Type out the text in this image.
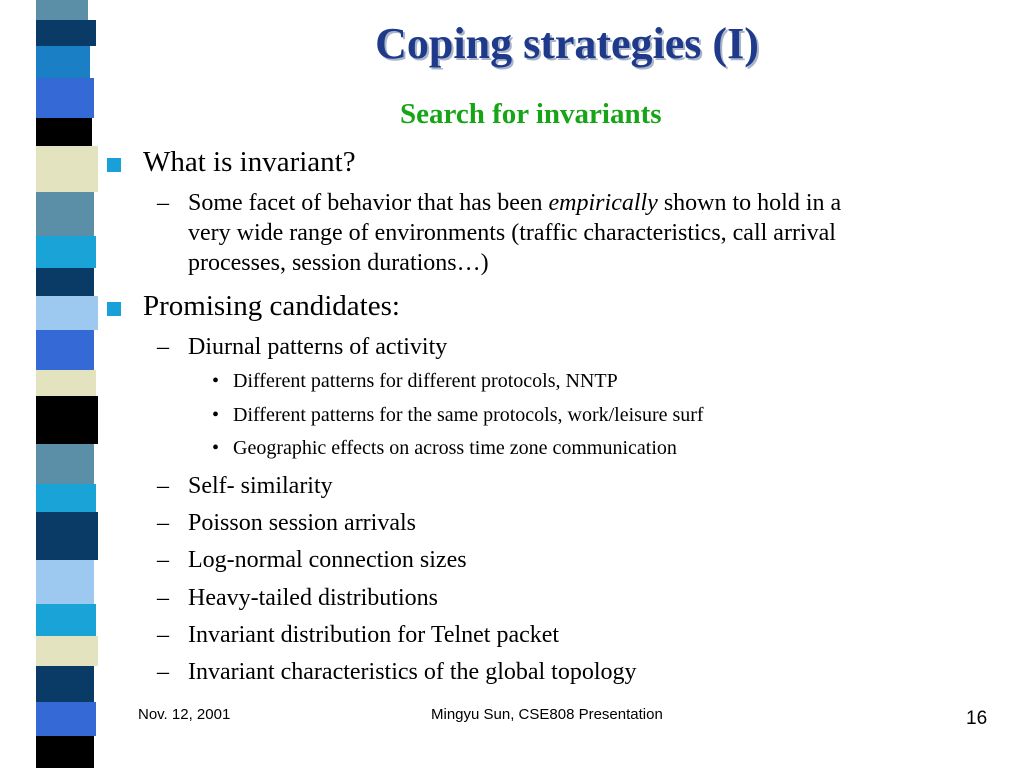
Coping strategies (I)
Search for invariants
What is invariant?
– Some facet of behavior that has been empirically shown to hold in a
very wide range of environments (traffic characteristics, call arrival
processes, session durations…)
Promising candidates:
– Diurnal patterns of activity
• Different patterns for different protocols, NNTP
• Different patterns for the same protocols, work/leisure surf
• Geographic effects on across time zone communication
– Self- similarity
– Poisson session arrivals
– Log-normal connection sizes
– Heavy-tailed distributions
– Invariant distribution for Telnet packet
– Invariant characteristics of the global topology
Nov. 12, 2001	Mingyu Sun, CSE808 Presentation	16
